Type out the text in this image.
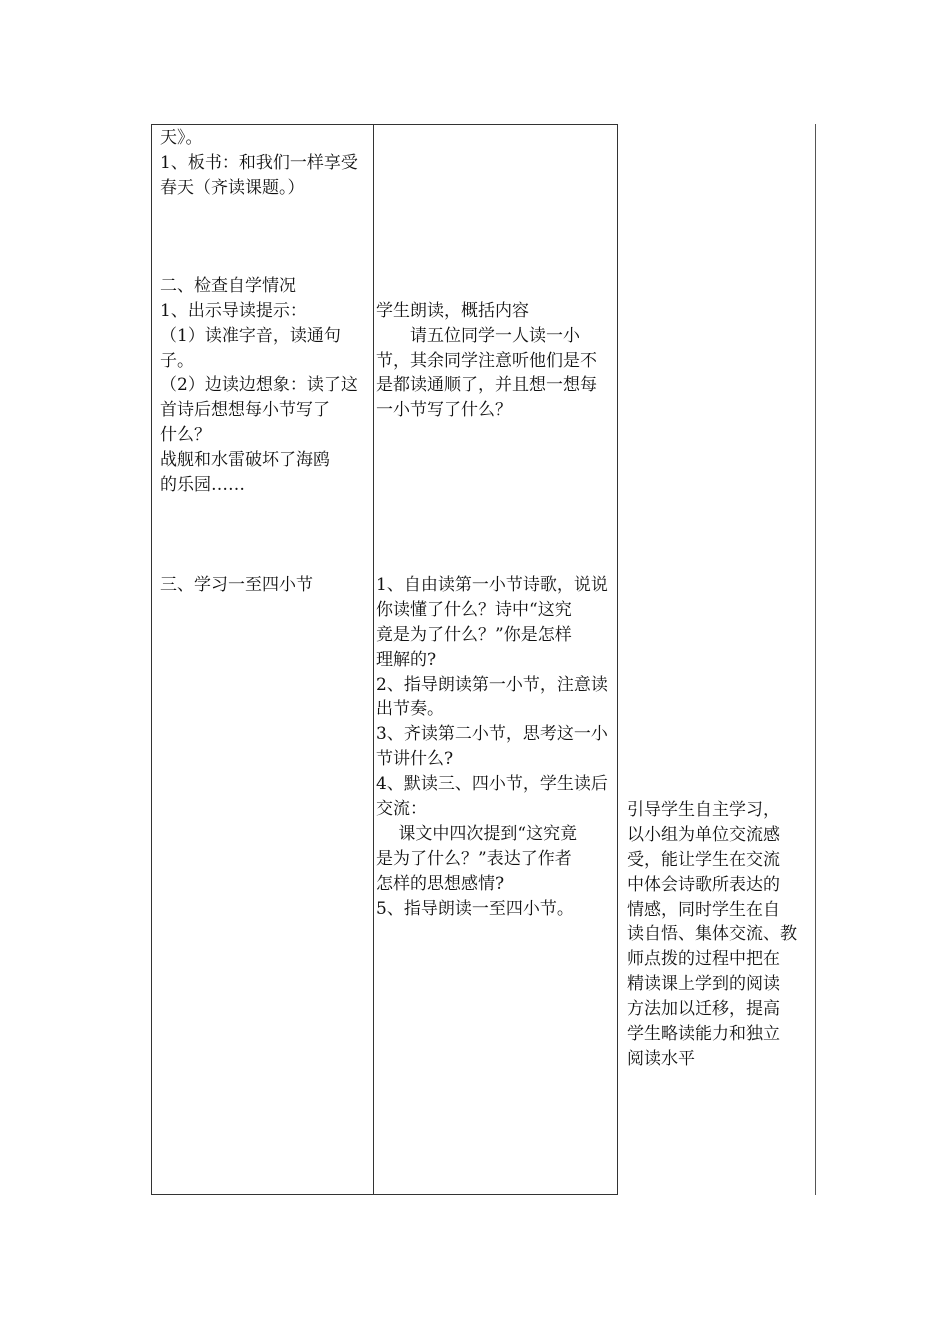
天》。
1、板书：和我们一样享受
春天（齐读课题。）
二、检查自学情况
1、出示导读提示：
（1）读准字音，读通句
子。
（2）边读边想象：读了这
首诗后想想每小节写了
什么？
战舰和水雷破坏了海鸥
的乐园……
三、学习一至四小节
学生朗读，概括内容
　　请五位同学一人读一小
节，其余同学注意听他们是不
是都读通顺了，并且想一想每
一小节写了什么？
1、自由读第一小节诗歌，说说
你读懂了什么？诗中“这究
竟是为了什么？”你是怎样
理解的?
2、指导朗读第一小节，注意读
出节奏。
3、齐读第二小节，思考这一小
节讲什么?
4、默读三、四小节，学生读后
交流：
　 课文中四次提到“这究竟
是为了什么？”表达了作者
怎样的思想感情?
5、指导朗读一至四小节。
引导学生自主学习，
以小组为单位交流感
受，能让学生在交流
中体会诗歌所表达的
情感，同时学生在自
读自悟、集体交流、教
师点拨的过程中把在
精读课上学到的阅读
方法加以迁移，提高
学生略读能力和独立
阅读水平
